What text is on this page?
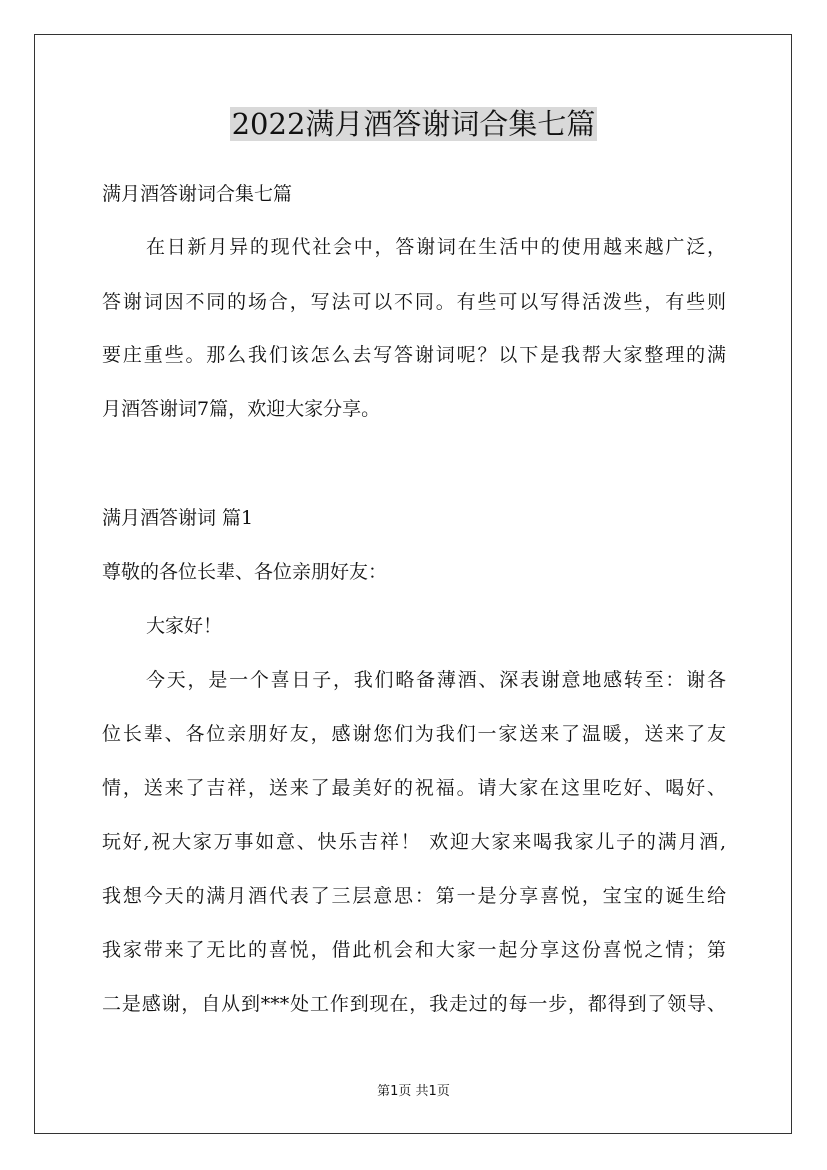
2022满月酒答谢词合集七篇
满月酒答谢词合集七篇
在日新月异的现代社会中，答谢词在生活中的使用越来越广泛，
答谢词因不同的场合，写法可以不同。有些可以写得活泼些，有些则
要庄重些。那么我们该怎么去写答谢词呢？以下是我帮大家整理的满
月酒答谢词7篇，欢迎大家分享。
满月酒答谢词 篇1
尊敬的各位长辈、各位亲朋好友：
大家好！
今天，是一个喜日子，我们略备薄酒、深表谢意地感转至：谢各
位长辈、各位亲朋好友，感谢您们为我们一家送来了温暖，送来了友
情，送来了吉祥，送来了最美好的祝福。请大家在这里吃好、喝好、
玩好,祝大家万事如意、快乐吉祥！ 欢迎大家来喝我家儿子的满月酒,
我想今天的满月酒代表了三层意思：第一是分享喜悦，宝宝的诞生给
我家带来了无比的喜悦，借此机会和大家一起分享这份喜悦之情；第
二是感谢，自从到***处工作到现在，我走过的每一步，都得到了领导、
第1页 共1页
